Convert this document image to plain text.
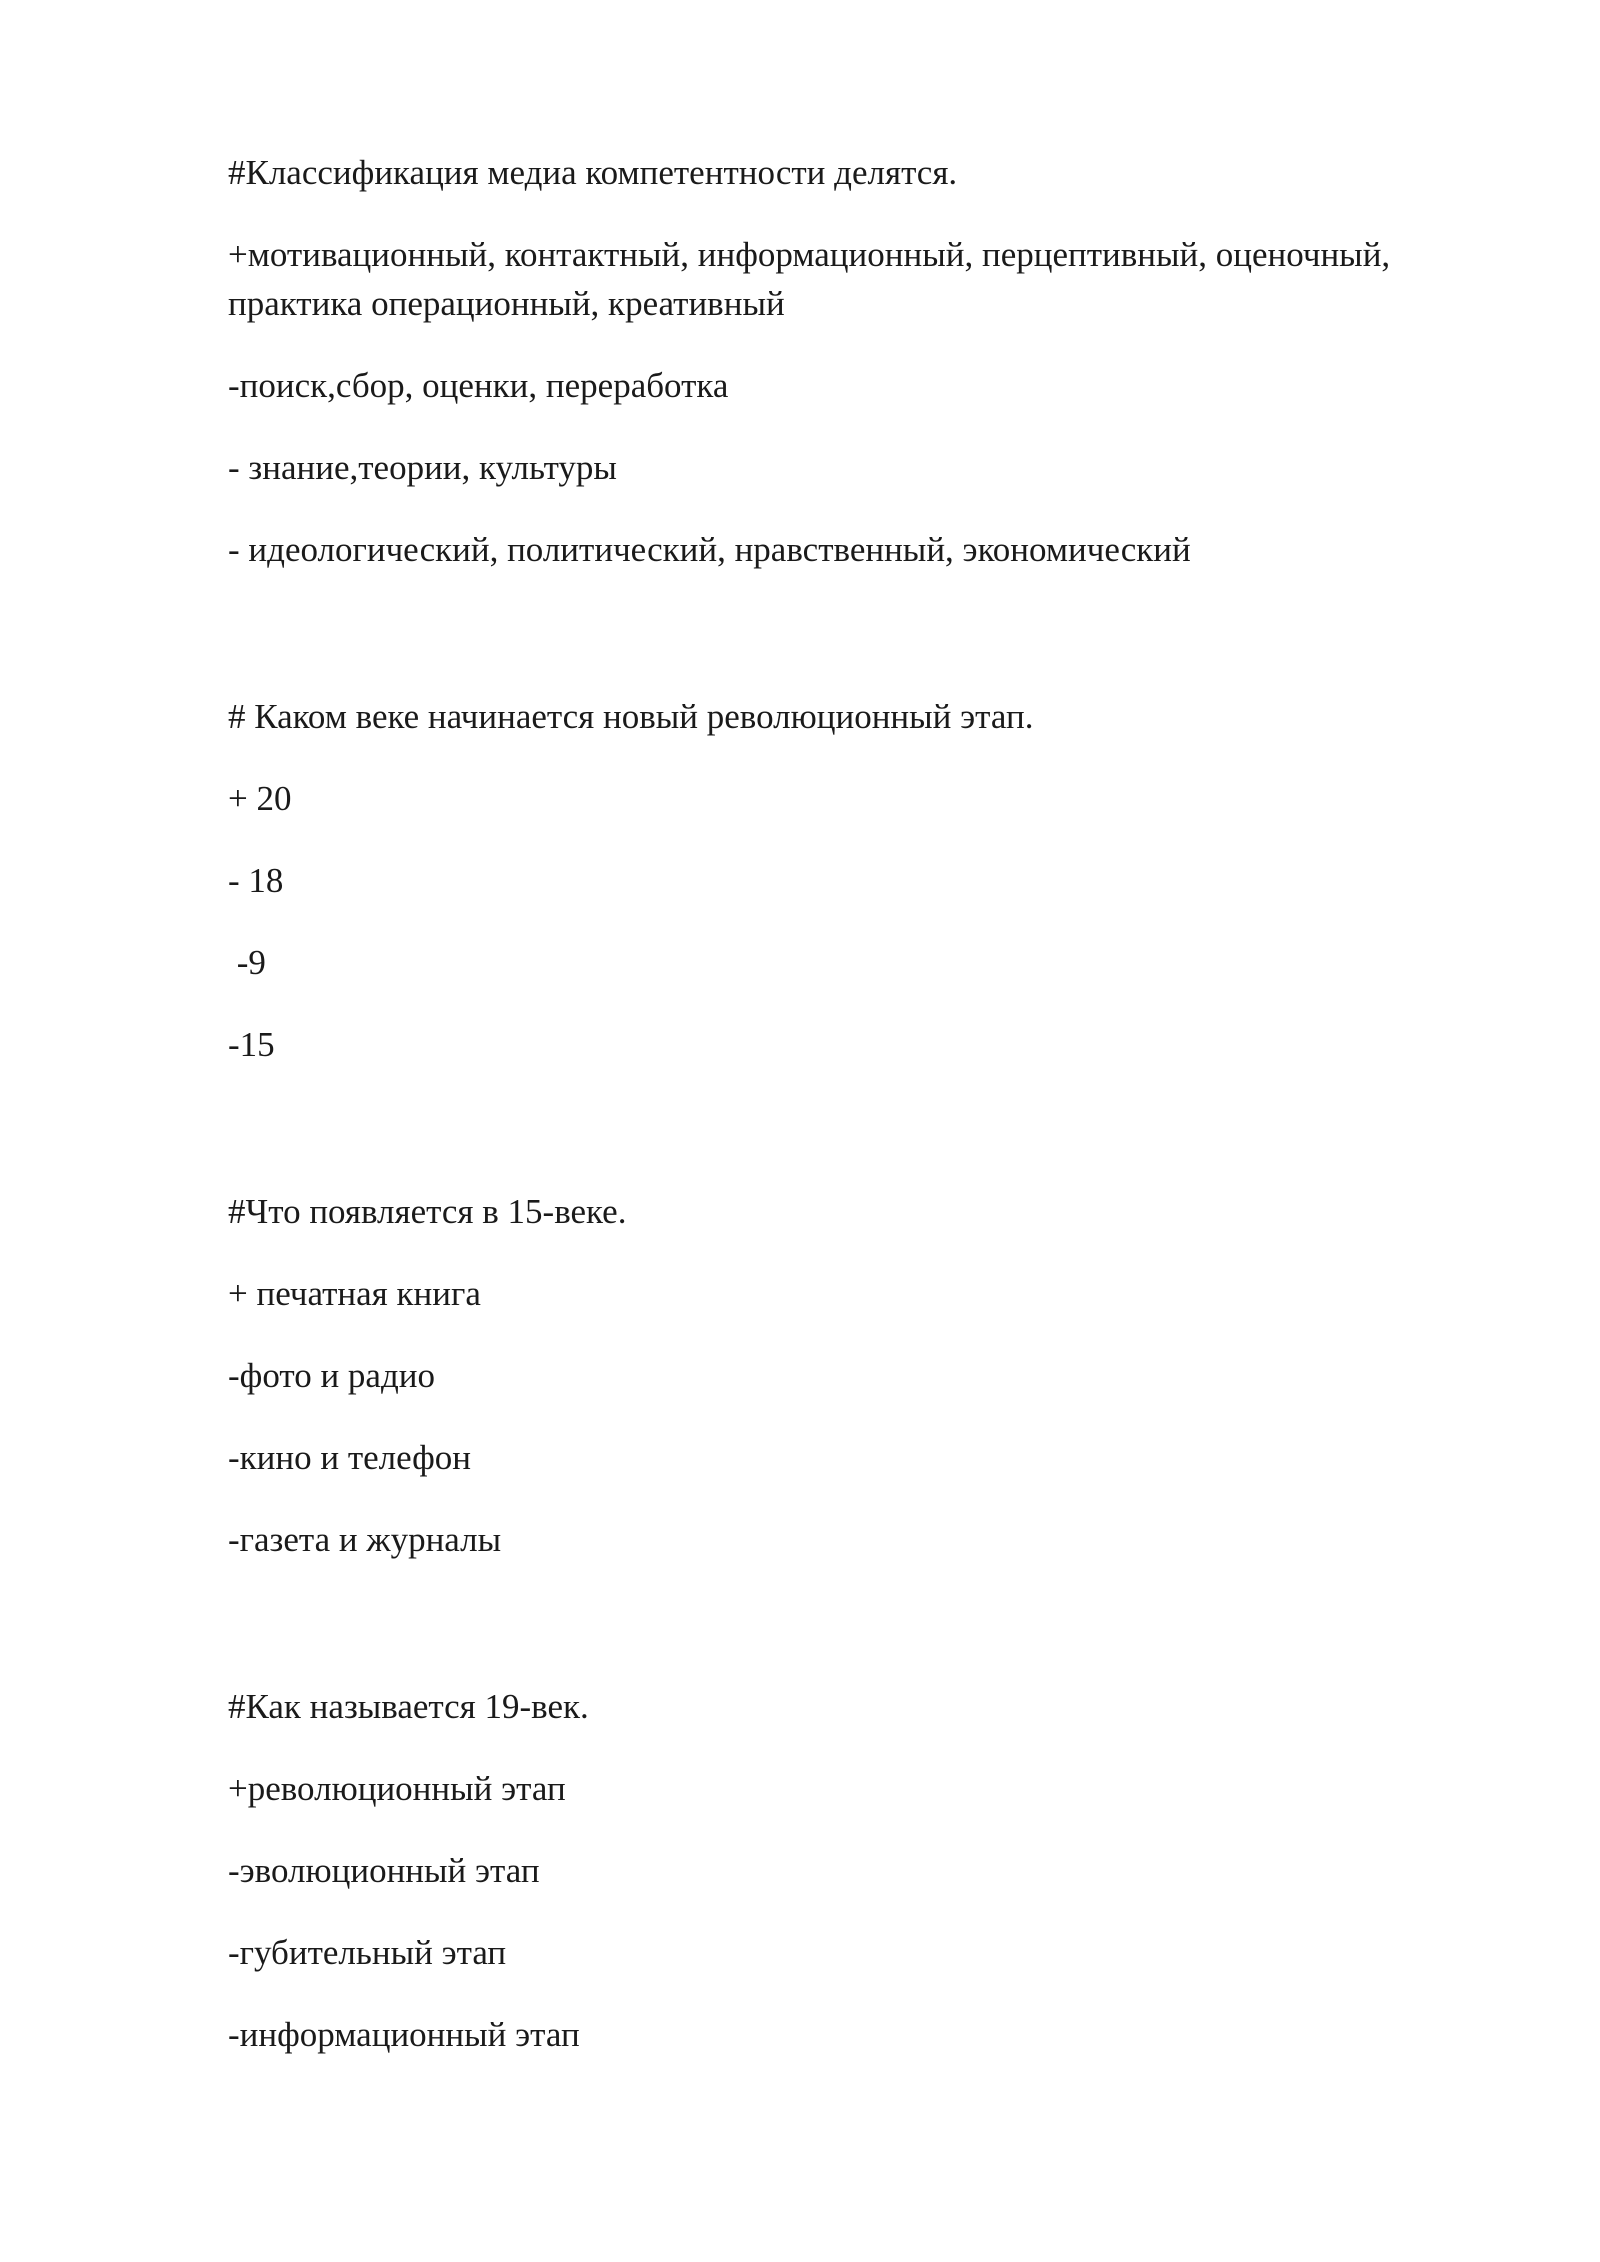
#Классификация медиа компетентности делятся.
+мотивационный, контактный, информационный, перцептивный, оценочный, практика операционный, креативный
-поиск,сбор, оценки, переработка
- знание,теории, культуры
- идеологический, политический, нравственный, экономический
# Каком веке начинается новый революционный этап.
+ 20
- 18
-9
-15
#Что появляется в 15-веке.
+ печатная книга
-фото и радио
-кино и телефон
-газета и журналы
#Как называется 19-век.
+революционный этап
-эволюционный этап
-губительный этап
-информационный этап
